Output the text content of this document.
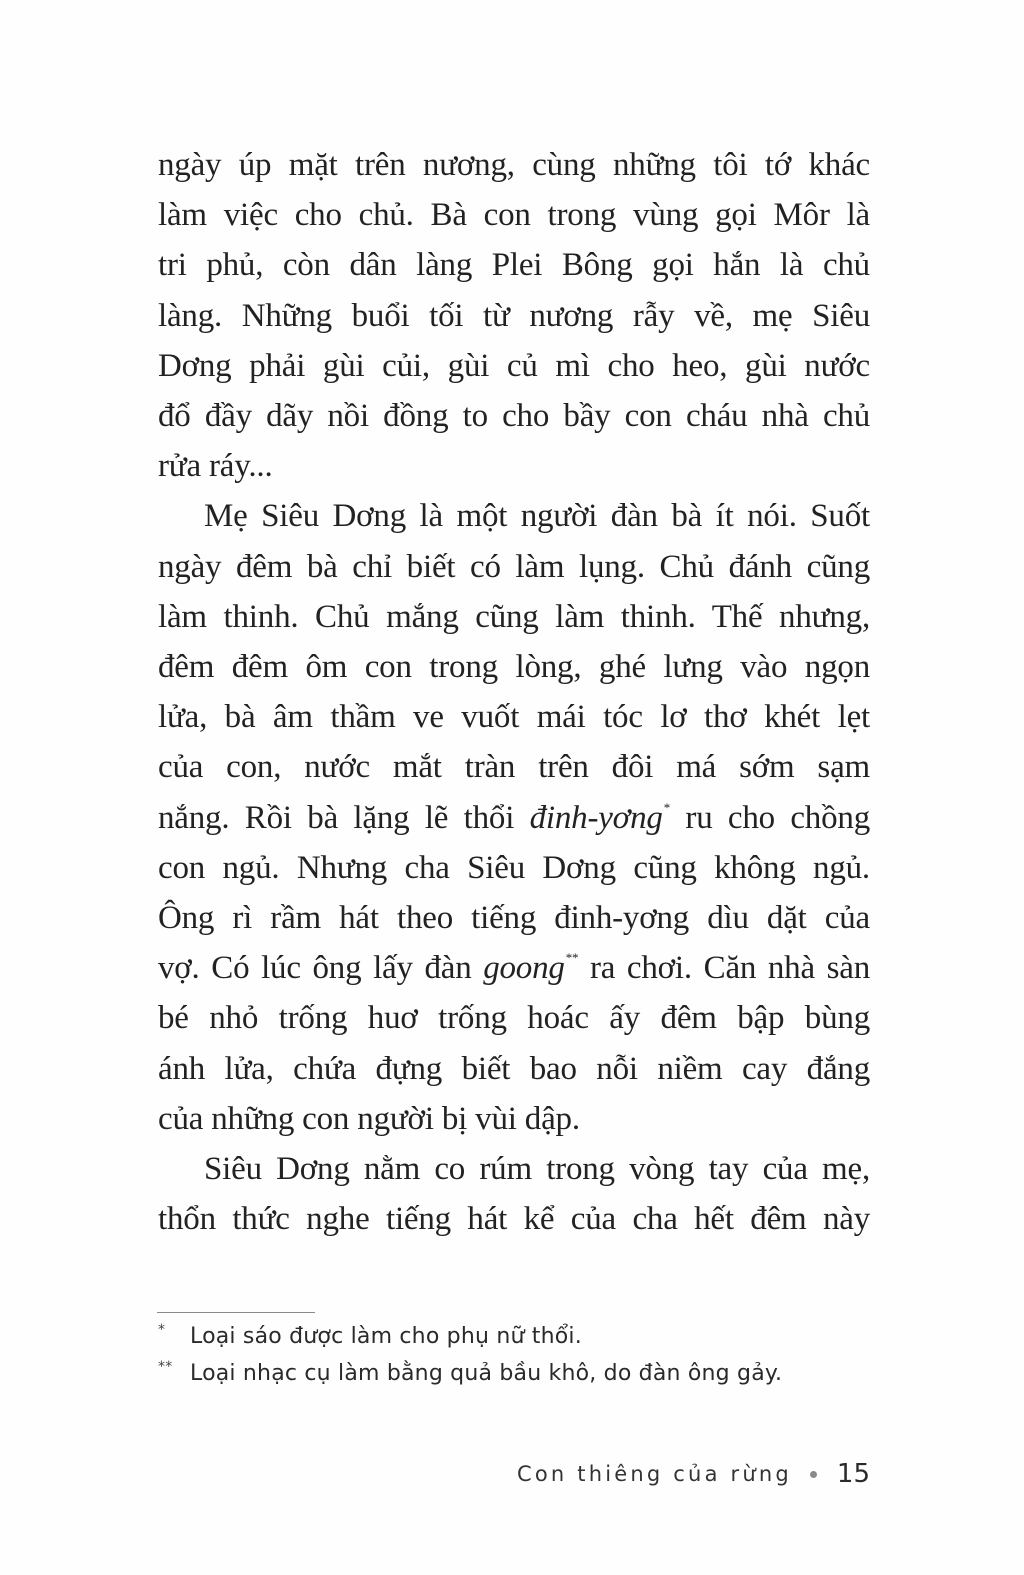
ngày úp mặt trên nương, cùng những tôi tớ khác
làm việc cho chủ. Bà con trong vùng gọi Môr là
tri phủ, còn dân làng Plei Bông gọi hắn là chủ
làng. Những buổi tối từ nương rẫy về, mẹ Siêu
Dơng phải gùi củi, gùi củ mì cho heo, gùi nước
đổ đầy dãy nồi đồng to cho bầy con cháu nhà chủ
rửa ráy...

Mẹ Siêu Dơng là một người đàn bà ít nói. Suốt
ngày đêm bà chỉ biết có làm lụng. Chủ đánh cũng
làm thinh. Chủ mắng cũng làm thinh. Thế nhưng,
đêm đêm ôm con trong lòng, ghé lưng vào ngọn
lửa, bà âm thầm ve vuốt mái tóc lơ thơ khét lẹt
của con, nước mắt tràn trên đôi má sớm sạm
nắng. Rồi bà lặng lẽ thổi đinh-yơng* ru cho chồng
con ngủ. Nhưng cha Siêu Dơng cũng không ngủ.
Ông rì rầm hát theo tiếng đinh-yơng dìu dặt của
vợ. Có lúc ông lấy đàn goong** ra chơi. Căn nhà sàn
bé nhỏ trống huơ trống hoác ấy đêm bập bùng
ánh lửa, chứa đựng biết bao nỗi niềm cay đắng
của những con người bị vùi dập.

Siêu Dơng nằm co rúm trong vòng tay của mẹ,
thổn thức nghe tiếng hát kể của cha hết đêm này

* Loại sáo được làm cho phụ nữ thổi.
** Loại nhạc cụ làm bằng quả bầu khô, do đàn ông gảy.
Con thiêng của rừng 15
